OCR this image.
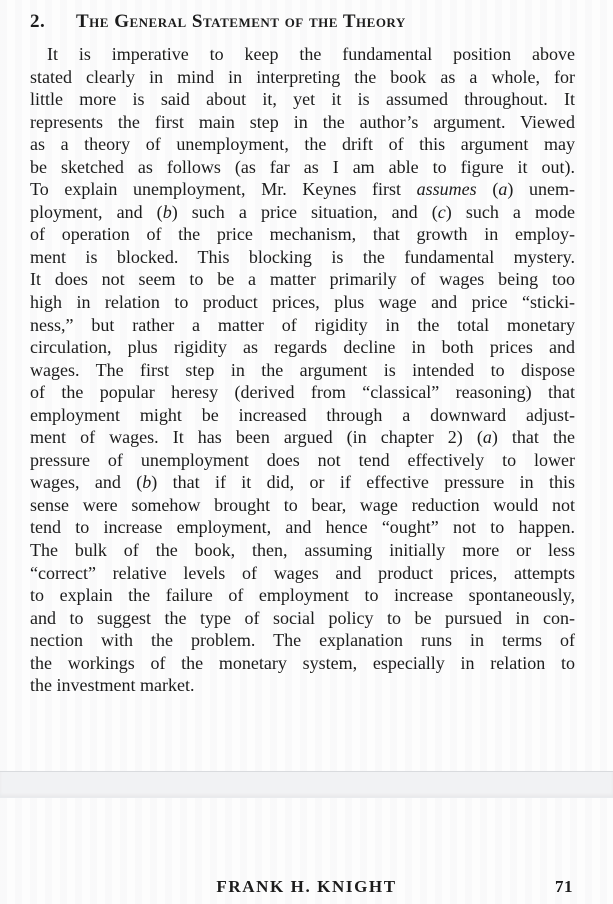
2.	The General Statement of the Theory
It is imperative to keep the fundamental position above
stated clearly in mind in interpreting the book as a whole, for
little more is said about it, yet it is assumed throughout. It
represents the first main step in the author’s argument. Viewed
as a theory of unemployment, the drift of this argument may
be sketched as follows (as far as I am able to figure it out).
To explain unemployment, Mr. Keynes first assumes (a) unem-
ployment, and (b) such a price situation, and (c) such a mode
of operation of the price mechanism, that growth in employ-
ment is blocked. This blocking is the fundamental mystery.
It does not seem to be a matter primarily of wages being too
high in relation to product prices, plus wage and price “sticki-
ness,” but rather a matter of rigidity in the total monetary
circulation, plus rigidity as regards decline in both prices and
wages. The first step in the argument is intended to dispose
of the popular heresy (derived from “classical” reasoning) that
employment might be increased through a downward adjust-
ment of wages. It has been argued (in chapter 2) (a) that the
pressure of unemployment does not tend effectively to lower
wages, and (b) that if it did, or if effective pressure in this
sense were somehow brought to bear, wage reduction would not
tend to increase employment, and hence “ought” not to happen.
The bulk of the book, then, assuming initially more or less
“correct” relative levels of wages and product prices, attempts
to explain the failure of employment to increase spontaneously,
and to suggest the type of social policy to be pursued in con-
nection with the problem. The explanation runs in terms of
the workings of the monetary system, especially in relation to
the investment market.
FRANK H. KNIGHT	71
